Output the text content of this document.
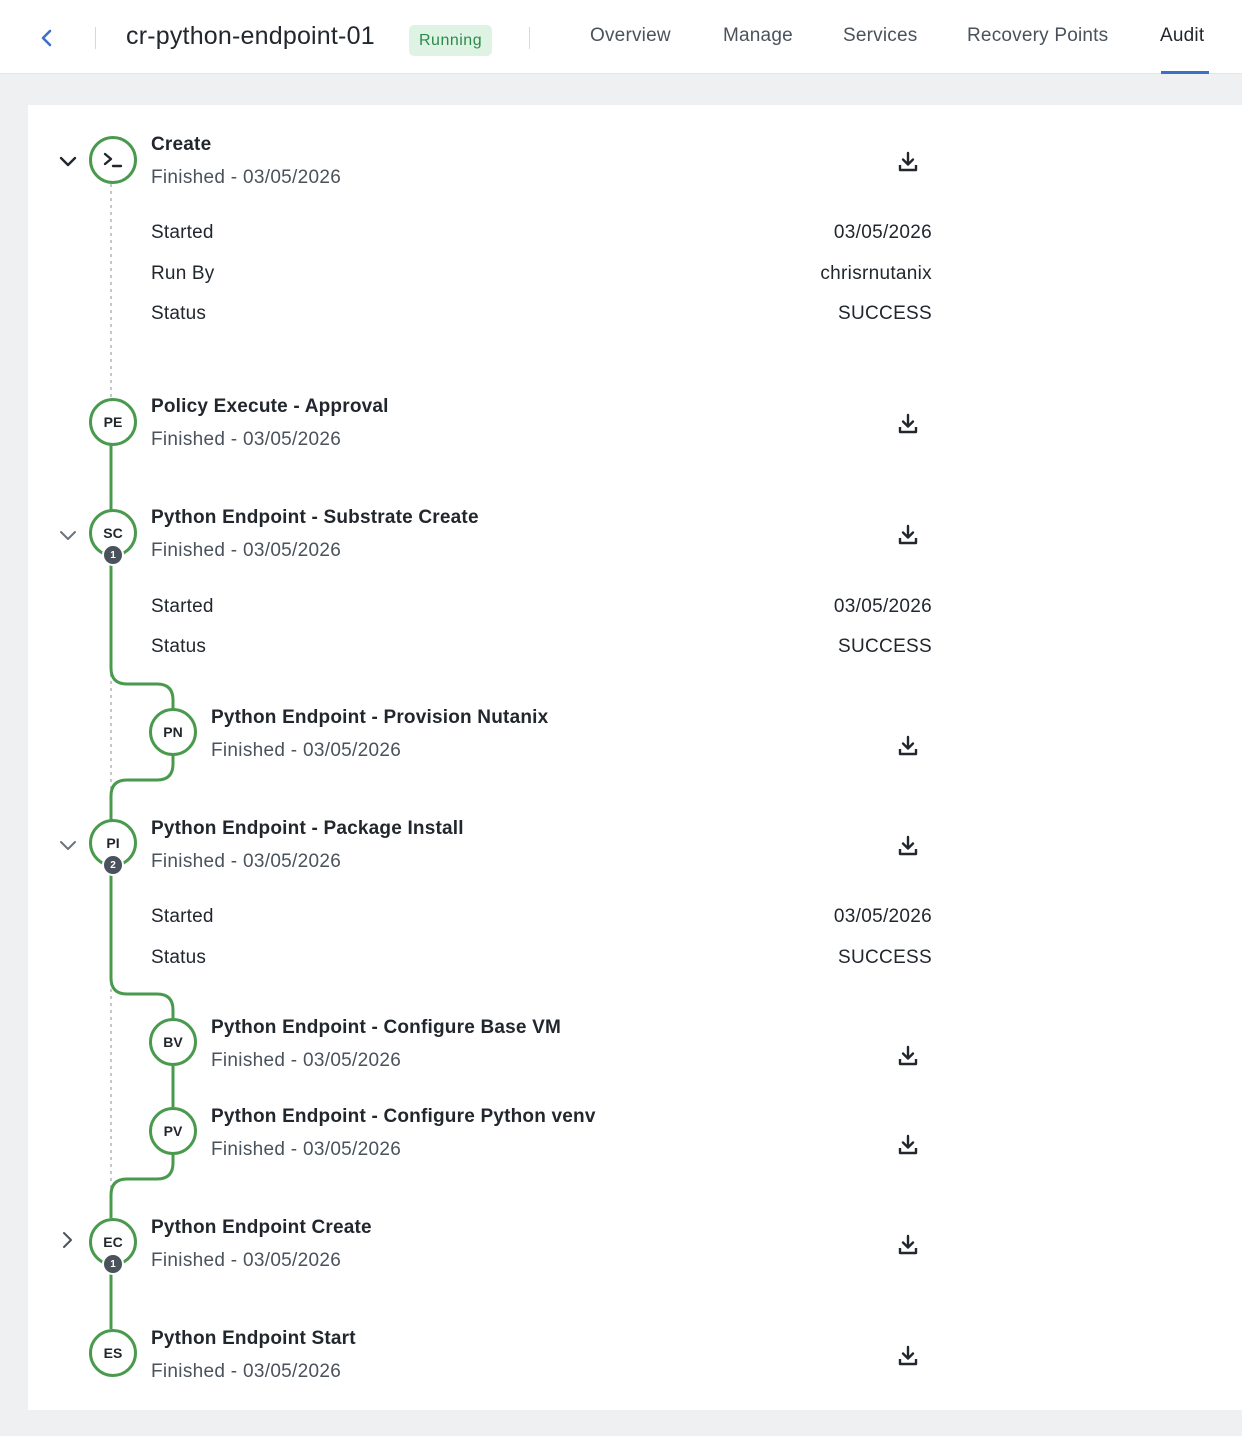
cr-python-endpoint-01	Running	Overview	Manage	Services	Recovery Points	Audit
Create
Finished - 03/05/2026
Started	03/05/2026
Run By	chrisrnutanix
Status	SUCCESS
PE
Policy Execute - Approval
Finished - 03/05/2026
SC
1
Python Endpoint - Substrate Create
Finished - 03/05/2026
Started	03/05/2026
Status	SUCCESS
PN
Python Endpoint - Provision Nutanix
Finished - 03/05/2026
PI
2
Python Endpoint - Package Install
Finished - 03/05/2026
Started	03/05/2026
Status	SUCCESS
BV
Python Endpoint - Configure Base VM
Finished - 03/05/2026
PV
Python Endpoint - Configure Python venv
Finished - 03/05/2026
EC
1
Python Endpoint Create
Finished - 03/05/2026
ES
Python Endpoint Start
Finished - 03/05/2026
